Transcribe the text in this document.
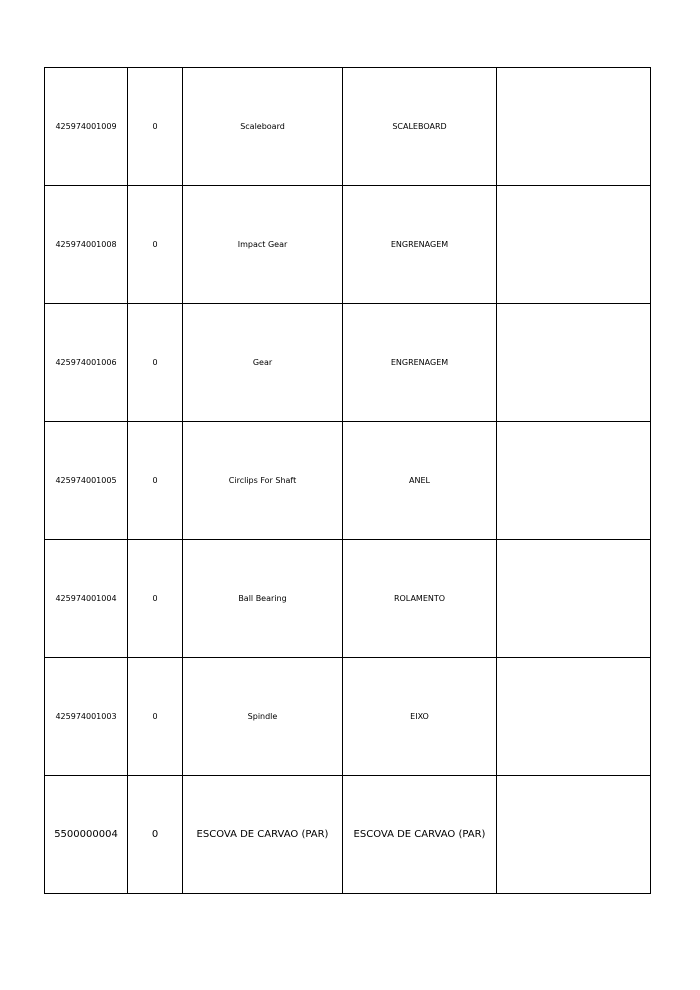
425974001009	0	Scaleboard	SCALEBOARD	
425974001008	0	Impact Gear	ENGRENAGEM	
425974001006	0	Gear	ENGRENAGEM	
425974001005	0	Circlips For Shaft	ANEL	
425974001004	0	Ball Bearing	ROLAMENTO	
425974001003	0	Spindle	EIXO	
5500000004	0	ESCOVA DE CARVAO (PAR)	ESCOVA DE CARVAO (PAR)	
